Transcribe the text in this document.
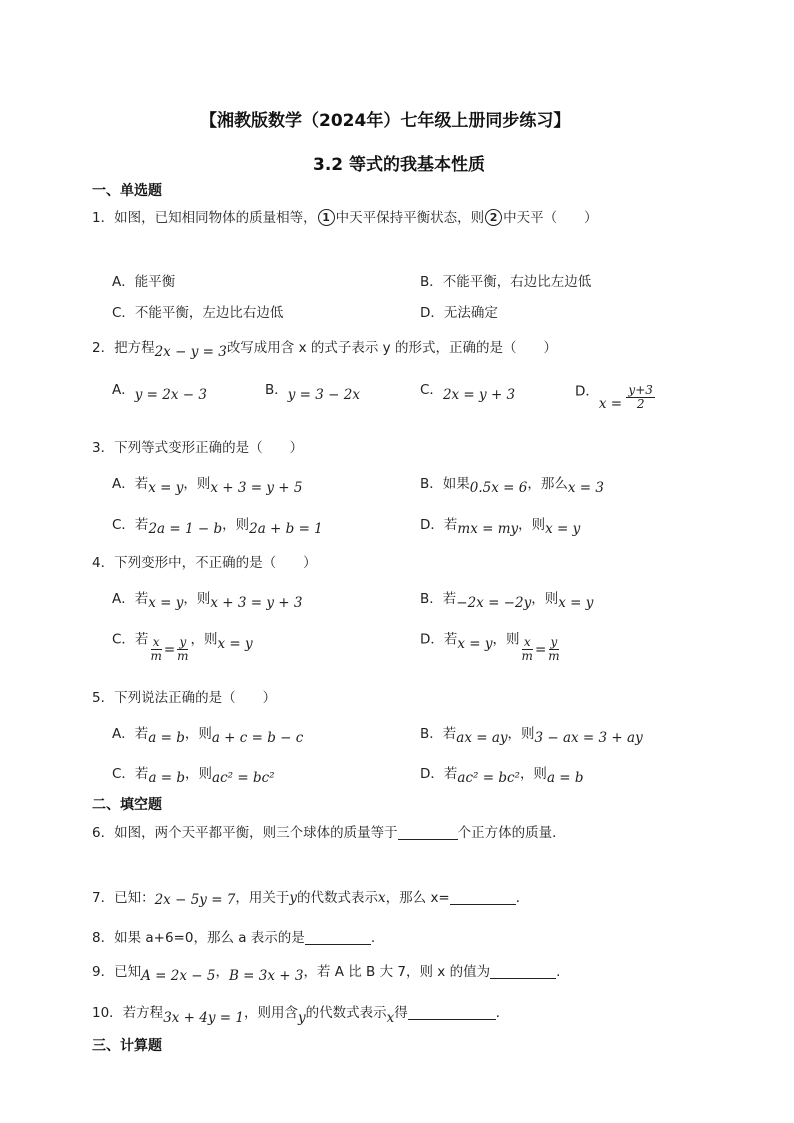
【湘教版数学（2024年）七年级上册同步练习】
3.2 等式的我基本性质
一、单选题
1．如图，已知相同物体的质量相等， 1 中天平保持平衡状态，则 2 中天平（　　）
A．能平衡	B．不能平衡，右边比左边低
C．不能平衡，左边比右边低	D．无法确定
2．把方程2x − y = 3改写成用含 x 的式子表示 y 的形式，正确的是（　　）
A．y = 2x − 3	B．y = 3 − 2x	C．2x = y + 3	D．$x = \frac{y+3}{2}$
3．下列等式变形正确的是（　　）
A．若x = y，则x + 3 = y + 5	B．如果0.5x = 6，那么x = 3
C．若2a = 1 − b，则2a + b = 1	D．若mx = my，则x = y
4．下列变形中，不正确的是（　　）
A．若x = y，则x + 3 = y + 3	B．若−2x = −2y，则x = y
C．若 $\frac{x}{m} = \frac{y}{m}$ ，则x = y	D．若x = y，则 $\frac{x}{m} = \frac{y}{m}$
5．下列说法正确的是（　　）
A．若a = b，则a + c = b − c	B．若ax = ay，则3 − ax = 3 + ay
C．若a = b，则ac² = bc²	D．若ac² = bc²，则a = b
二、填空题
6．如图，两个天平都平衡，则三个球体的质量等于	个正方体的质量．
7．已知：2x − 5y = 7，用关于y的代数式表示x，那么 x=	．
8．如果 a+6=0，那么 a 表示的是	.
9．已知A = 2x − 5，B = 3x + 3，若 A 比 B 大 7，则 x 的值为	.
10．若方程3x + 4y = 1，则用含y的代数式表示x得	．
三、计算题
